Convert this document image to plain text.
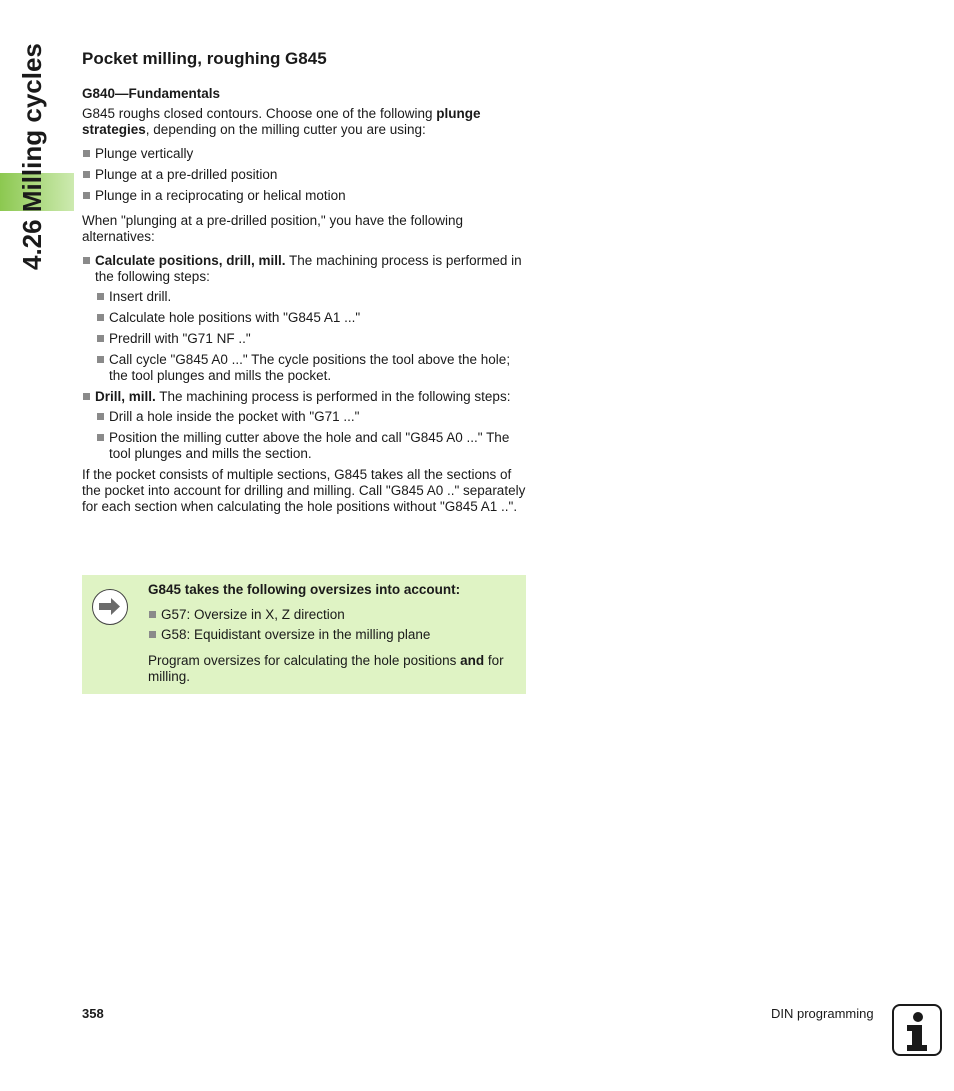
4.26 Milling cycles Pocket milling, roughing G845
G840—Fundamentals

G845 roughs closed contours. Choose one of the following plunge strategies, depending on the milling cutter you are using:

Plunge vertically
Plunge at a pre-drilled position
Plunge in a reciprocating or helical motion

When "plunging at a pre-drilled position," you have the following alternatives:

Calculate positions, drill, mill. The machining process is performed in the following steps:
Insert drill.
Calculate hole positions with "G845 A1 ..."
Predrill with "G71 NF .."
Call cycle "G845 A0 ..." The cycle positions the tool above the hole; the tool plunges and mills the pocket.
Drill, mill. The machining process is performed in the following steps:
Drill a hole inside the pocket with "G71 ..."
Position the milling cutter above the hole and call "G845 A0 ..." The tool plunges and mills the section.

If the pocket consists of multiple sections, G845 takes all the sections of the pocket into account for drilling and milling. Call "G845 A0 .." separately for each section when calculating the hole positions without "G845 A1 ..".

G845 takes the following oversizes into account:

G57: Oversize in X, Z direction
G58: Equidistant oversize in the milling plane

Program oversizes for calculating the hole positions and for milling.

358	DIN programming
